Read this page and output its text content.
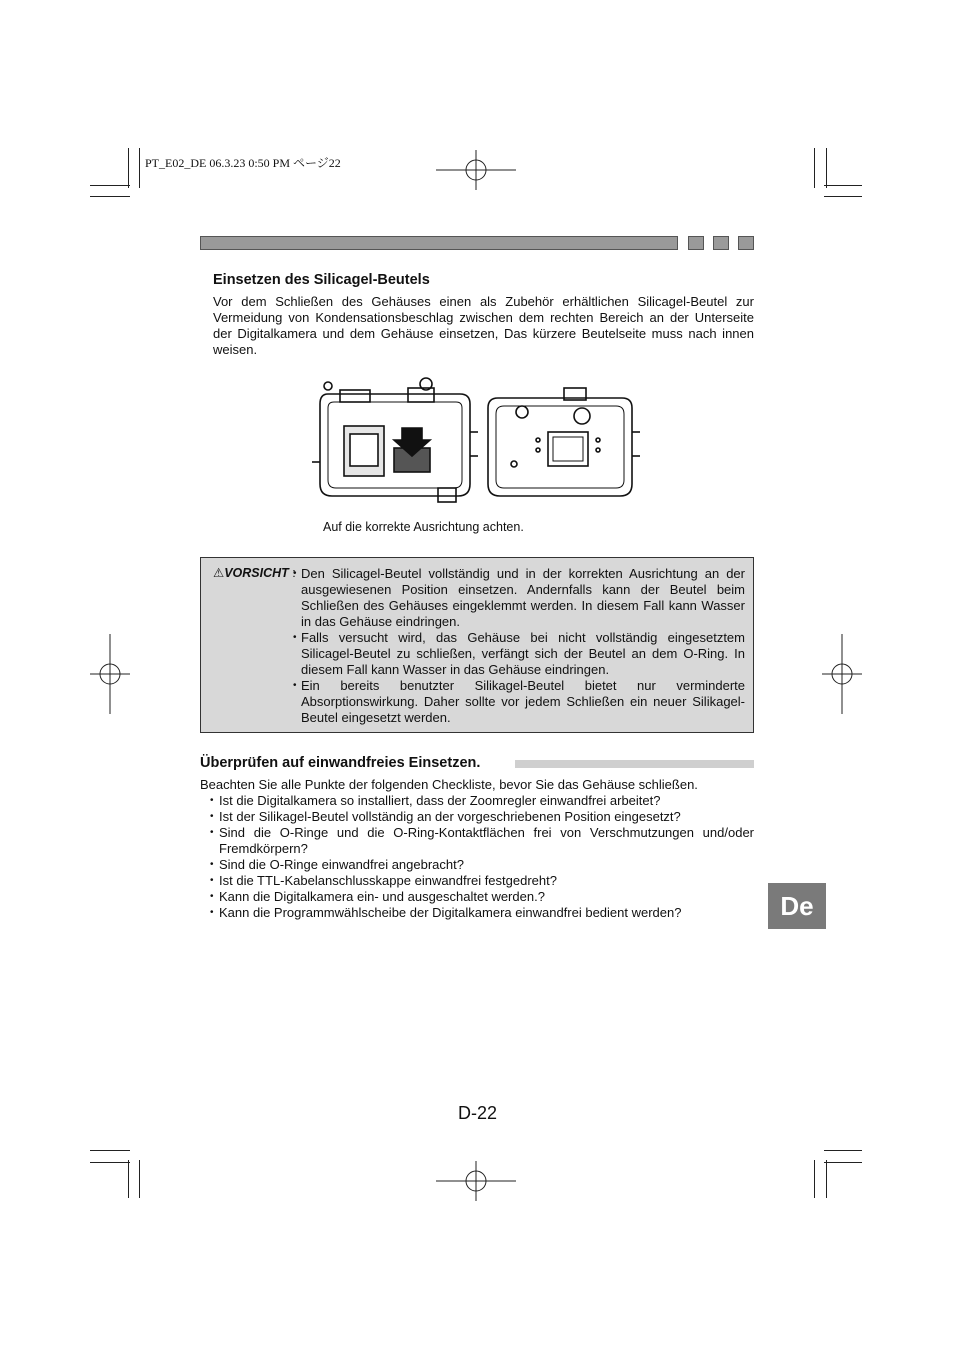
PT_E02_DE 06.3.23 0:50 PM ページ22
Einsetzen des Silicagel-Beutels
Vor dem Schließen des Gehäuses einen als Zubehör erhältlichen Silicagel-Beutel zur Vermeidung von Kondensationsbeschlag zwischen dem rechten Bereich an der Unterseite der Digitalkamera und dem Gehäuse einsetzen, Das kürzere Beutelseite muss nach innen weisen.
Auf die korrekte Ausrichtung achten.
⚠VORSICHT :
• Den Silicagel-Beutel vollständig und in der korrekten Ausrichtung an der ausgewiesenen Position einsetzen. Andernfalls kann der Beutel beim Schließen des Gehäuses eingeklemmt werden. In diesem Fall kann Wasser in das Gehäuse eindringen.
• Falls versucht wird, das Gehäuse bei nicht vollständig eingesetztem Silicagel-Beutel zu schließen, verfängt sich der Beutel an dem O-Ring. In diesem Fall kann Wasser in das Gehäuse eindringen.
• Ein bereits benutzter Silikagel-Beutel bietet nur verminderte Absorptionswirkung. Daher sollte vor jedem Schließen ein neuer Silikagel-Beutel eingesetzt werden.
Überprüfen auf einwandfreies Einsetzen.
Beachten Sie alle Punkte der folgenden Checkliste, bevor Sie das Gehäuse schließen.
• Ist die Digitalkamera so installiert, dass der Zoomregler einwandfrei arbeitet?
• Ist der Silikagel-Beutel vollständig an der vorgeschriebenen Position eingesetzt?
• Sind die O-Ringe und die O-Ring-Kontaktflächen frei von Verschmutzungen und/oder Fremdkörpern?
• Sind die O-Ringe einwandfrei angebracht?
• Ist die TTL-Kabelanschlusskappe einwandfrei festgedreht?
• Kann die Digitalkamera ein- und ausgeschaltet werden.?
• Kann die Programmwählscheibe der Digitalkamera einwandfrei bedient werden?	De
D-22
